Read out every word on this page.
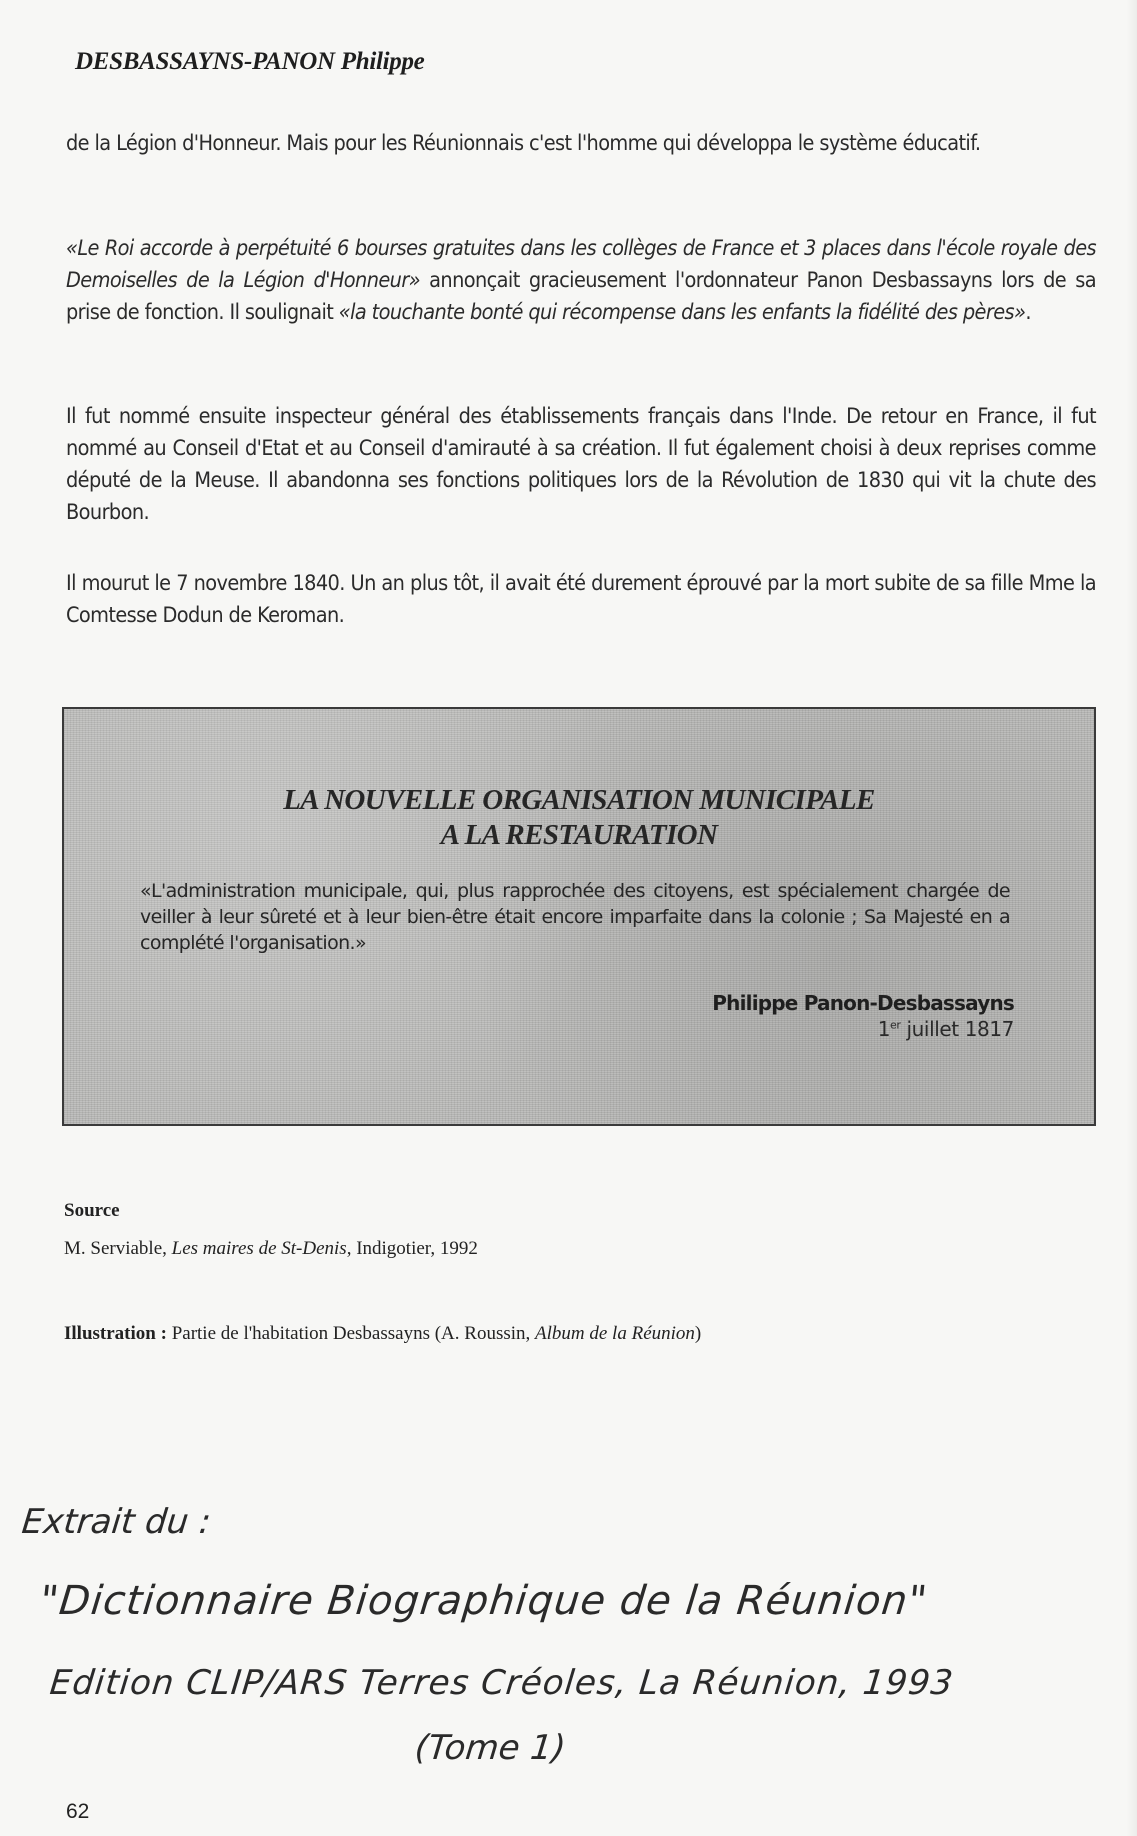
DESBASSAYNS-PANON Philippe
de la Légion d'Honneur. Mais pour les Réunionnais c'est l'homme qui développa le système éducatif.
«Le Roi accorde à perpétuité 6 bourses gratuites dans les collèges de France et 3 places dans l'école royale des Demoiselles de la Légion d'Honneur» annonçait gracieusement l'ordonnateur Panon Desbassayns lors de sa prise de fonction. Il soulignait «la touchante bonté qui récompense dans les enfants la fidélité des pères».
Il fut nommé ensuite inspecteur général des établissements français dans l'Inde. De retour en France, il fut nommé au Conseil d'Etat et au Conseil d'amirauté à sa création. Il fut également choisi à deux reprises comme député de la Meuse. Il abandonna ses fonctions politiques lors de la Révolution de 1830 qui vit la chute des Bourbon.
Il mourut le 7 novembre 1840. Un an plus tôt, il avait été durement éprouvé par la mort subite de sa fille Mme la Comtesse Dodun de Keroman.
LA NOUVELLE ORGANISATION MUNICIPALE
A LA RESTAURATION
«L'administration municipale, qui, plus rapprochée des citoyens, est spécialement chargée de veiller à leur sûreté et à leur bien-être était encore imparfaite dans la colonie ; Sa Majesté en a complété l'organisation.»
Philippe Panon-Desbassayns
1er juillet 1817
Source
M. Serviable, Les maires de St-Denis, Indigotier, 1992
Illustration : Partie de l'habitation Desbassayns (A. Roussin, Album de la Réunion)
Extrait du :
"Dictionnaire Biographique de la Réunion"
Edition CLIP/ARS Terres Créoles, La Réunion, 1993
(Tome 1)
62
